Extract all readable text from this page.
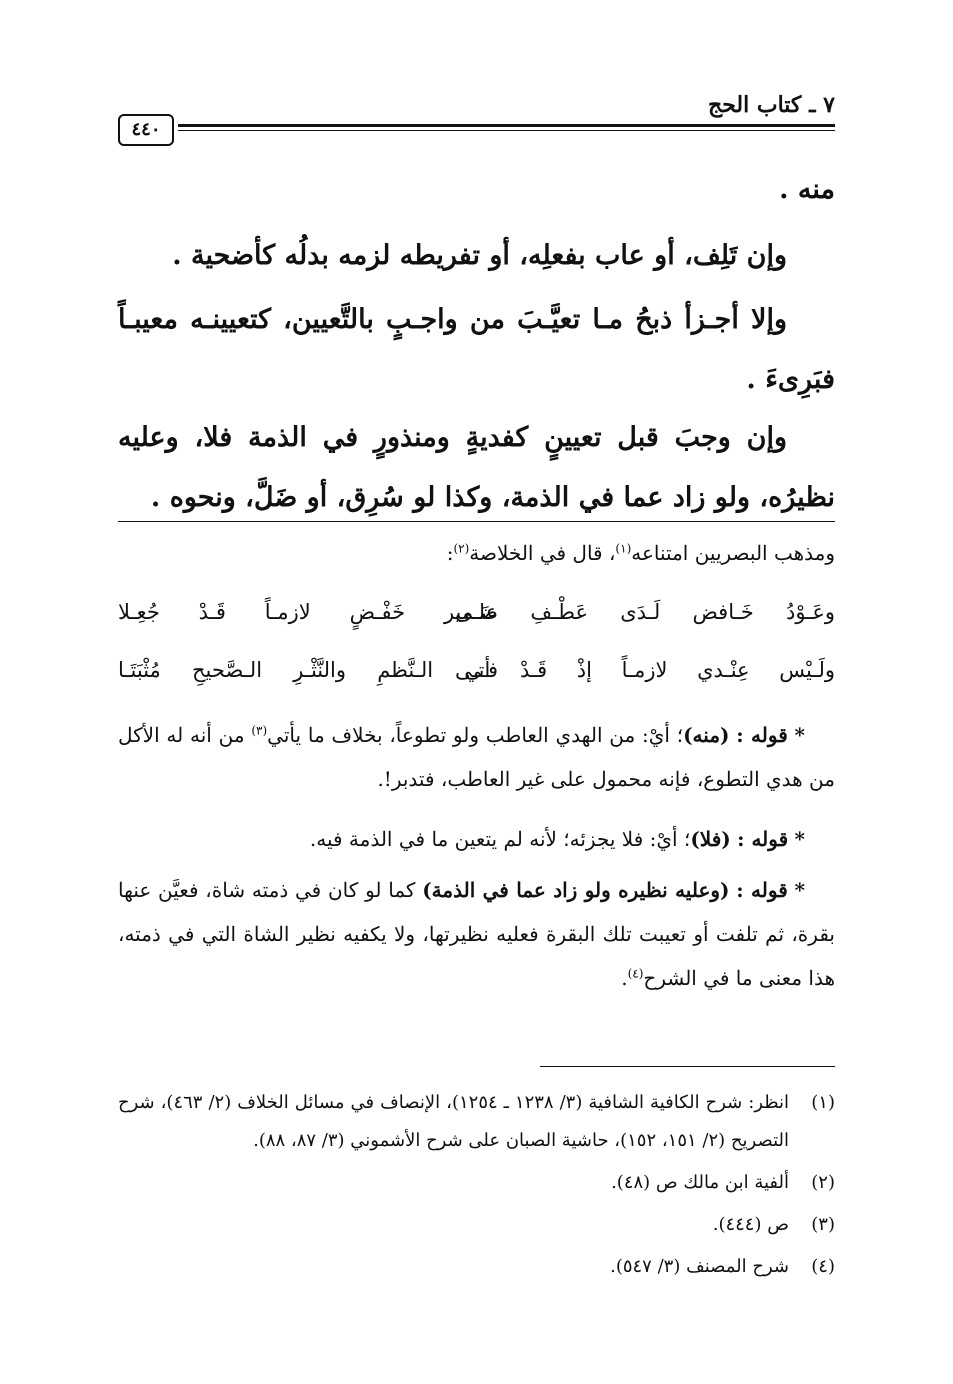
٧ ـ كتاب الحج
٤٤٠

منه .

وإن تَلِف، أو عاب بفعلِه، أو تفريطه لزمه بدلُه كأضحية .

وإلا أجـزأ ذبحُ مـا تعيَّـبَ من واجـبٍ بالتَّعيين، كتعيينـه معيبـاً فبَرِىءَ .

وإن وجبَ قبل تعيينٍ كفديةٍ ومنذورٍ في الذمة فلا، وعليه نظيرُه، ولو زاد عما في الذمة، وكذا لو سُرِق، أو ضَلَّ، ونحوه .

ومذهب البصريين امتناعه$^{(١)}$، قال في الخلاصة$^{(٢)}$:

وعَـوْدُ خَـافض لَـدَى عَطْـفِ علـى
ضَـمير خَفْـضٍ لازمـاً قَـدْ جُعِـلا
ولَـيْس عِنْـدي لازمـاً إذْ قَـدْ أتـى
فـي الـنَّظمِ والنَّثْـرِ الـصَّحيحِ مُثْبَتَـا

* قوله : (منه)؛ أيْ: من الهدي العاطب ولو تطوعاً، بخلاف ما يأتي$^{(٣)}$ من أنه له الأكل من هدي التطوع، فإنه محمول على غير العاطب، فتدبر!.

* قوله : (فلا)؛ أيْ: فلا يجزئه؛ لأنه لم يتعين ما في الذمة فيه.

* قوله : (وعليه نظيره ولو زاد عما في الذمة) كما لو كان في ذمته شاة، فعيَّن عنها بقرة، ثم تلفت أو تعيبت تلك البقرة فعليه نظيرتها، ولا يكفيه نظير الشاة التي في ذمته، هذا معنى ما في الشرح$^{(٤)}$.

(١)
انظر: شرح الكافية الشافية (٣/ ١٢٣٨ ـ ١٢٥٤)، الإنصاف في مسائل الخلاف (٢/ ٤٦٣)، شرح التصريح (٢/ ١٥١، ١٥٢)، حاشية الصبان على شرح الأشموني (٣/ ٨٧، ٨٨).
(٢)
ألفية ابن مالك ص (٤٨).
(٣)
ص (٤٤٤).
(٤)
شرح المصنف (٣/ ٥٤٧).
